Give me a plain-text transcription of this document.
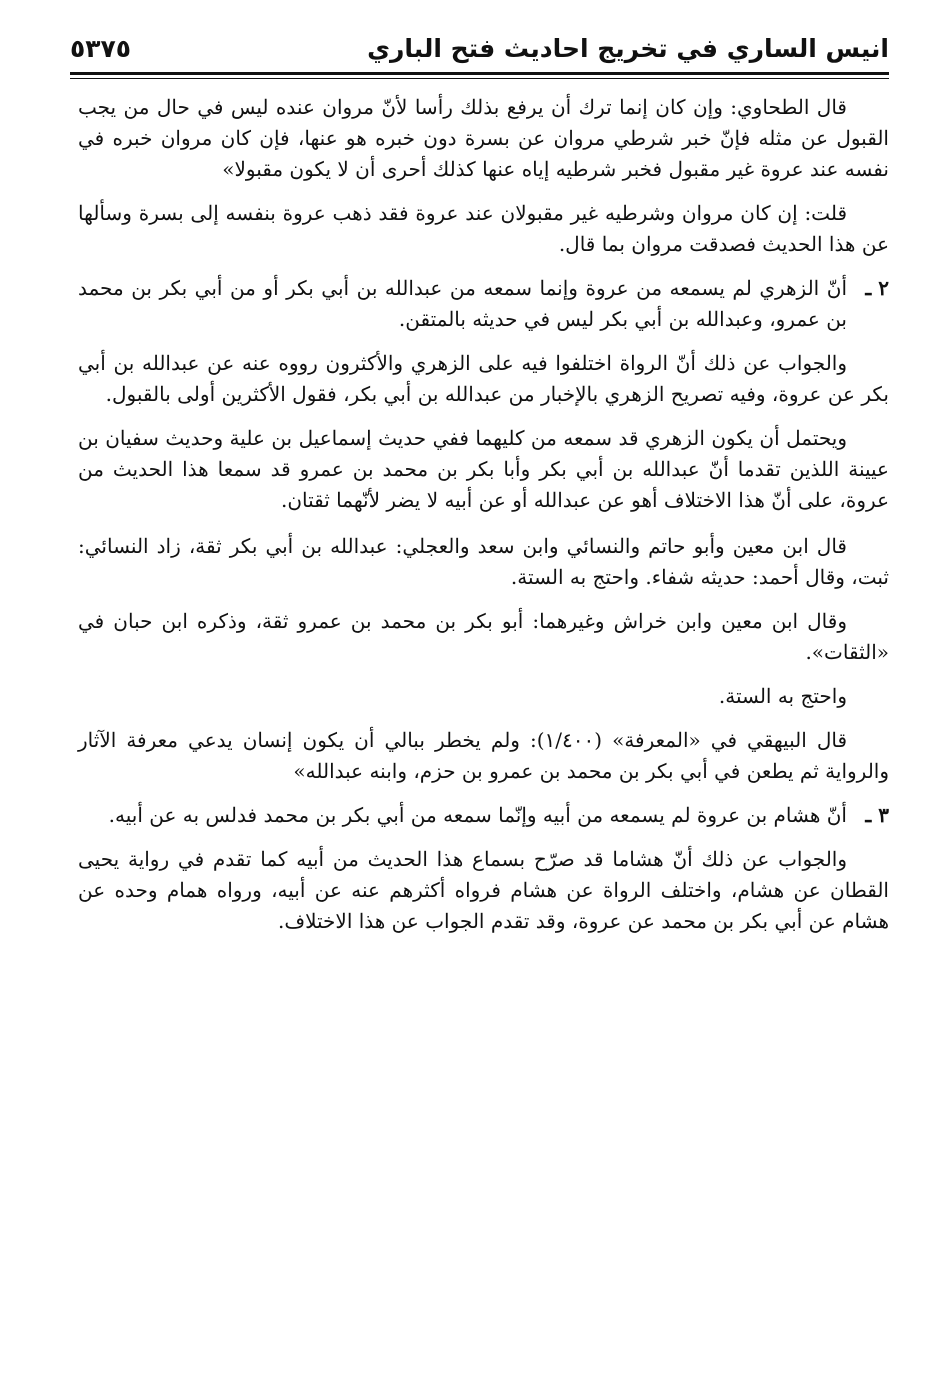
انيس الساري في تخريج احاديث فتح الباري
٥٣٧٥

قال الطحاوي: وإن كان إنما ترك أن يرفع بذلك رأسا لأنّ مروان عنده ليس في حال من يجب القبول عن مثله فإنّ خبر شرطي مروان عن بسرة دون خبره هو عنها، فإن كان مروان خبره في نفسه عند عروة غير مقبول فخبر شرطيه إياه عنها كذلك أحرى أن لا يكون مقبولا»

قلت: إن كان مروان وشرطيه غير مقبولان عند عروة فقد ذهب عروة بنفسه إلى بسرة وسألها عن هذا الحديث فصدقت مروان بما قال.

٢ ـ
أنّ الزهري لم يسمعه من عروة وإنما سمعه من عبدالله بن أبي بكر أو من أبي بكر بن محمد بن عمرو، وعبدالله بن أبي بكر ليس في حديثه بالمتقن.

والجواب عن ذلك أنّ الرواة اختلفوا فيه على الزهري والأكثرون رووه عنه عن عبدالله بن أبي بكر عن عروة، وفيه تصريح الزهري بالإخبار من عبدالله بن أبي بكر، فقول الأكثرين أولى بالقبول.

ويحتمل أن يكون الزهري قد سمعه من كليهما ففي حديث إسماعيل بن علية وحديث سفيان بن عيينة اللذين تقدما أنّ عبدالله بن أبي بكر وأبا بكر بن محمد بن عمرو قد سمعا هذا الحديث من عروة، على أنّ هذا الاختلاف أهو عن عبدالله أو عن أبيه لا يضر لأنّهما ثقتان.

قال ابن معين وأبو حاتم والنسائي وابن سعد والعجلي: عبدالله بن أبي بكر ثقة، زاد النسائي: ثبت، وقال أحمد: حديثه شفاء. واحتج به الستة.

وقال ابن معين وابن خراش وغيرهما: أبو بكر بن محمد بن عمرو ثقة، وذكره ابن حبان في «الثقات».

واحتج به الستة.

قال البيهقي في «المعرفة» (١/٤٠٠): ولم يخطر ببالي أن يكون إنسان يدعي معرفة الآثار والرواية ثم يطعن في أبي بكر بن محمد بن عمرو بن حزم، وابنه عبدالله»

٣ ـ
أنّ هشام بن عروة لم يسمعه من أبيه وإنّما سمعه من أبي بكر بن محمد فدلس به عن أبيه.

والجواب عن ذلك أنّ هشاما قد صرّح بسماع هذا الحديث من أبيه كما تقدم في رواية يحيى القطان عن هشام، واختلف الرواة عن هشام فرواه أكثرهم عنه عن أبيه، ورواه همام وحده عن هشام عن أبي بكر بن محمد عن عروة، وقد تقدم الجواب عن هذا الاختلاف.
